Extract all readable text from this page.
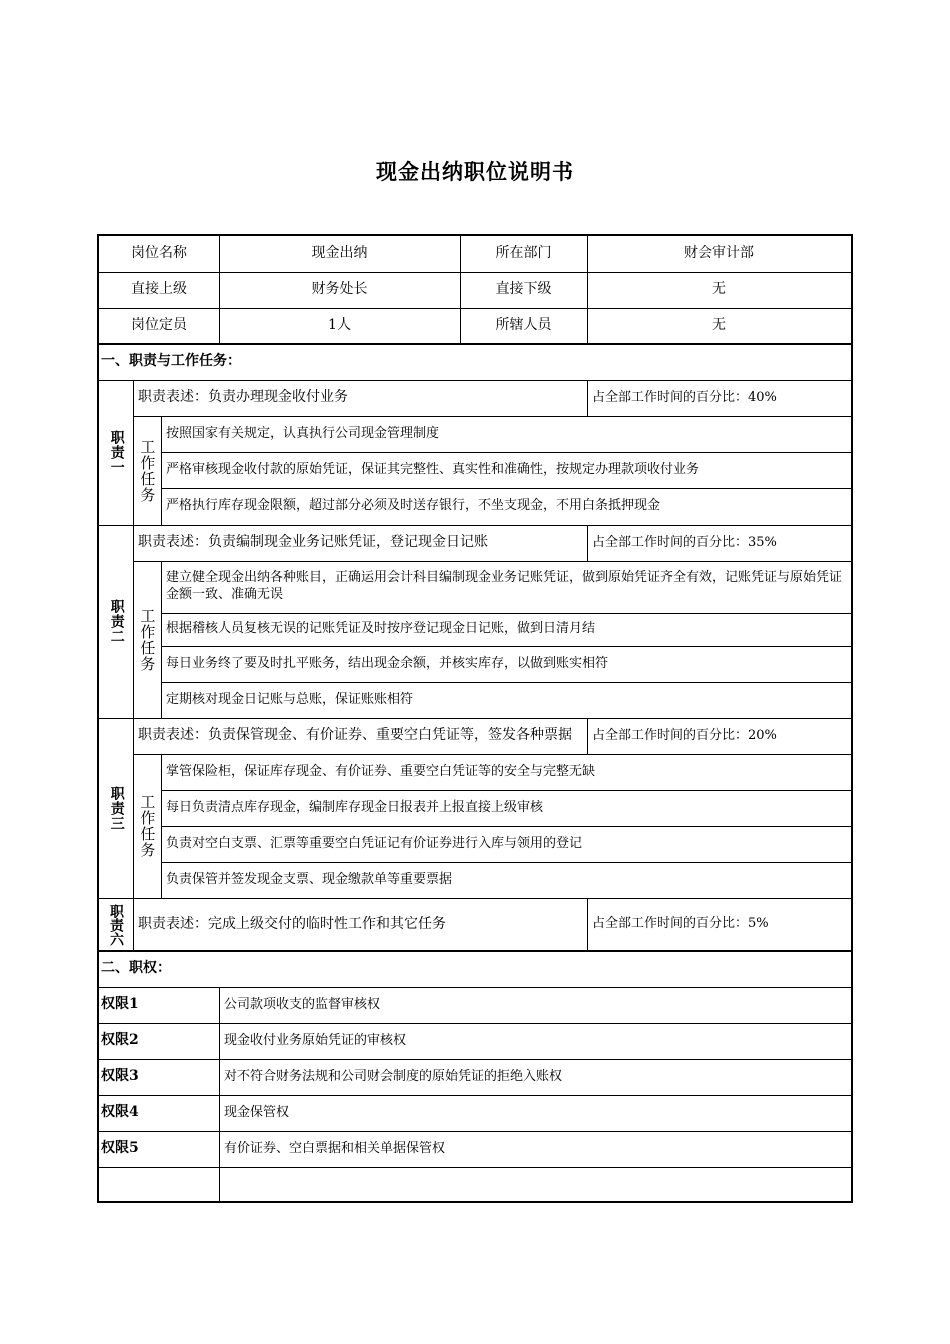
现金出纳职位说明书
岗位名称	现金出纳	所在部门	财会审计部
直接上级	财务处长	直接下级	无
岗位定员	1人	所辖人员	无
一、职责与工作任务：
职责一
职责表述：负责办理现金收付业务	占全部工作时间的百分比：40%
工作任务
按照国家有关规定，认真执行公司现金管理制度
严格审核现金收付款的原始凭证，保证其完整性、真实性和准确性，按规定办理款项收付业务
严格执行库存现金限额，超过部分必须及时送存银行，不坐支现金，不用白条抵押现金
职责二
职责表述：负责编制现金业务记账凭证，登记现金日记账	占全部工作时间的百分比：35%
工作任务
建立健全现金出纳各种账目，正确运用会计科目编制现金业务记账凭证，做到原始凭证齐全有效，记账凭证与原始凭证金额一致、准确无误
根据稽核人员复核无误的记账凭证及时按序登记现金日记账，做到日清月结
每日业务终了要及时扎平账务，结出现金余额，并核实库存，以做到账实相符
定期核对现金日记账与总账，保证账账相符
职责三
职责表述：负责保管现金、有价证券、重要空白凭证等，签发各种票据	占全部工作时间的百分比：20%
工作任务
掌管保险柜，保证库存现金、有价证券、重要空白凭证等的安全与完整无缺
每日负责清点库存现金，编制库存现金日报表并上报直接上级审核
负责对空白支票、汇票等重要空白凭证记有价证券进行入库与领用的登记
负责保管并签发现金支票、现金缴款单等重要票据
职责六	职责表述：完成上级交付的临时性工作和其它任务	占全部工作时间的百分比：5%
二、职权：
权限1	公司款项收支的监督审核权
权限2	现金收付业务原始凭证的审核权
权限3	对不符合财务法规和公司财会制度的原始凭证的拒绝入账权
权限4	现金保管权
权限5	有价证券、空白票据和相关单据保管权
